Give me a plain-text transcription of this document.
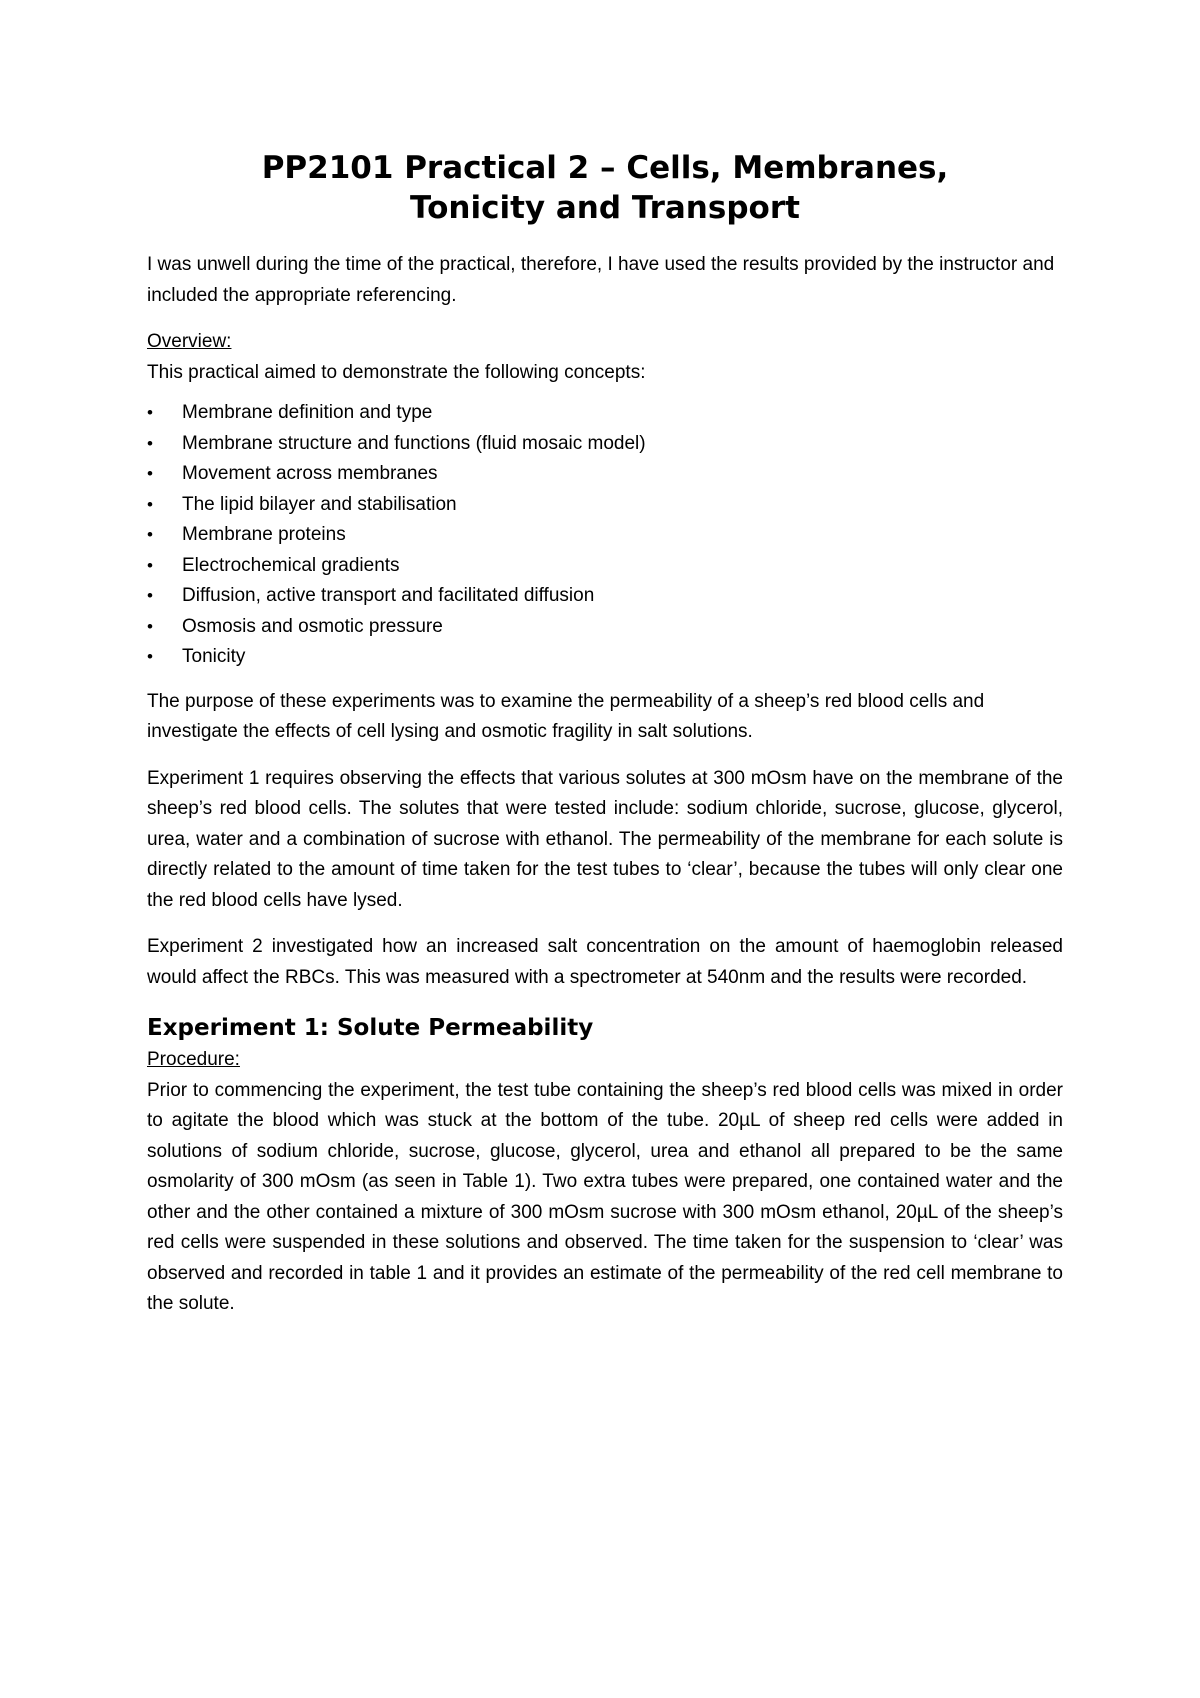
PP2101 Practical 2 – Cells, Membranes,
Tonicity and Transport

I was unwell during the time of the practical, therefore, I have used the results provided by the instructor and included the appropriate referencing.

Overview:
This practical aimed to demonstrate the following concepts:
• Membrane definition and type
• Membrane structure and functions (fluid mosaic model)
• Movement across membranes
• The lipid bilayer and stabilisation
• Membrane proteins
• Electrochemical gradients
• Diffusion, active transport and facilitated diffusion
• Osmosis and osmotic pressure
• Tonicity

The purpose of these experiments was to examine the permeability of a sheep’s red blood cells and investigate the effects of cell lysing and osmotic fragility in salt solutions.

Experiment 1 requires observing the effects that various solutes at 300 mOsm have on the membrane of the sheep’s red blood cells. The solutes that were tested include: sodium chloride, sucrose, glucose, glycerol, urea, water and a combination of sucrose with ethanol. The permeability of the membrane for each solute is directly related to the amount of time taken for the test tubes to ‘clear’, because the tubes will only clear one the red blood cells have lysed.

Experiment 2 investigated how an increased salt concentration on the amount of haemoglobin released would affect the RBCs. This was measured with a spectrometer at 540nm and the results were recorded.

Experiment 1: Solute Permeability
Procedure:

Prior to commencing the experiment, the test tube containing the sheep’s red blood cells was mixed in order to agitate the blood which was stuck at the bottom of the tube. 20µL of sheep red cells were added in solutions of sodium chloride, sucrose, glucose, glycerol, urea and ethanol all prepared to be the same osmolarity of 300 mOsm (as seen in Table 1). Two extra tubes were prepared, one contained water and the other and the other contained a mixture of 300 mOsm sucrose with 300 mOsm ethanol, 20µL of the sheep’s red cells were suspended in these solutions and observed. The time taken for the suspension to ‘clear’ was observed and recorded in table 1 and it provides an estimate of the permeability of the red cell membrane to the solute.
